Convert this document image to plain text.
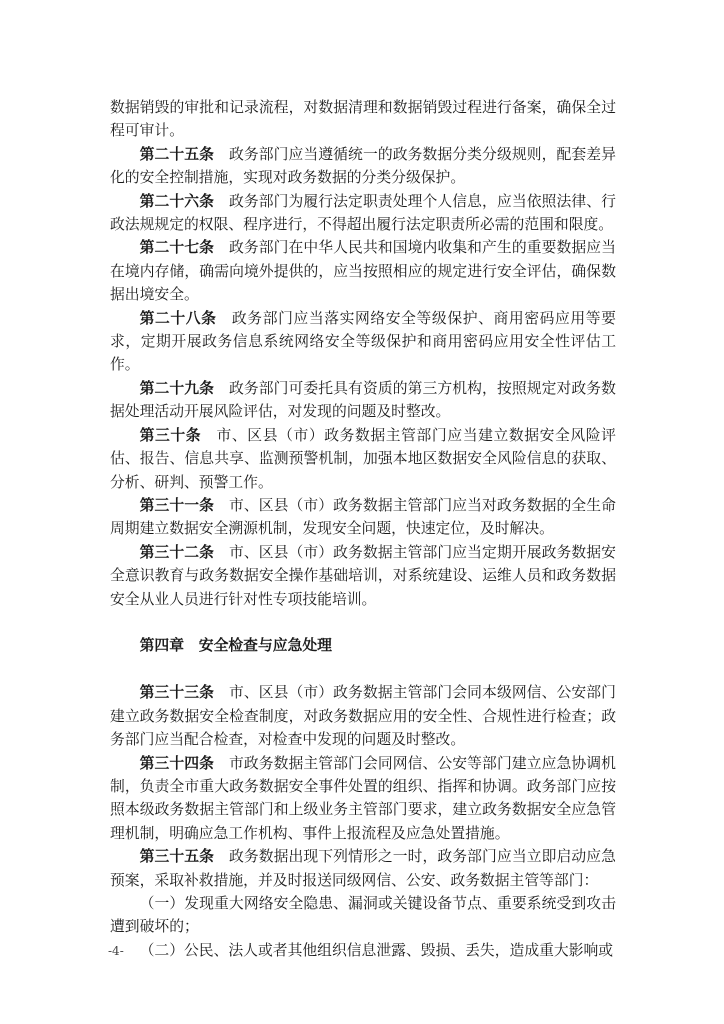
数据销毁的审批和记录流程，对数据清理和数据销毁过程进行备案，确保全过程可审计。

第二十五条　 政务部门应当遵循统一的政务数据分类分级规则，配套差异化的安全控制措施，实现对政务数据的分类分级保护。

第二十六条　 政务部门为履行法定职责处理个人信息，应当依照法律、行政法规规定的权限、程序进行，不得超出履行法定职责所必需的范围和限度。

第二十七条　 政务部门在中华人民共和国境内收集和产生的重要数据应当在境内存储，确需向境外提供的，应当按照相应的规定进行安全评估，确保数据出境安全。

第二十八条　 政务部门应当落实网络安全等级保护、商用密码应用等要求，定期开展政务信息系统网络安全等级保护和商用密码应用安全性评估工作。

第二十九条　 政务部门可委托具有资质的第三方机构，按照规定对政务数据处理活动开展风险评估，对发现的问题及时整改。

第三十条　 市、区县（市）政务数据主管部门应当建立数据安全风险评估、报告、信息共享、监测预警机制，加强本地区数据安全风险信息的获取、分析、研判、预警工作。

第三十一条　 市、区县（市）政务数据主管部门应当对政务数据的全生命周期建立数据安全溯源机制，发现安全问题，快速定位，及时解决。

第三十二条　 市、区县（市）政务数据主管部门应当定期开展政务数据安全意识教育与政务数据安全操作基础培训，对系统建设、运维人员和政务数据安全从业人员进行针对性专项技能培训。

第四章　安全检查与应急处理

第三十三条　 市、区县（市）政务数据主管部门会同本级网信、公安部门建立政务数据安全检查制度，对政务数据应用的安全性、合规性进行检查；政务部门应当配合检查，对检查中发现的问题及时整改。

第三十四条　 市政务数据主管部门会同网信、公安等部门建立应急协调机制，负责全市重大政务数据安全事件处置的组织、指挥和协调。政务部门应按照本级政务数据主管部门和上级业务主管部门要求，建立政务数据安全应急管理机制，明确应急工作机构、事件上报流程及应急处置措施。

第三十五条　 政务数据出现下列情形之一时，政务部门应当立即启动应急预案，采取补救措施，并及时报送同级网信、公安、政务数据主管等部门：

（一）发现重大网络安全隐患、漏洞或关键设备节点、重要系统受到攻击遭到破坏的；

（二）公民、法人或者其他组织信息泄露、毁损、丢失，造成重大影响或

-4-
